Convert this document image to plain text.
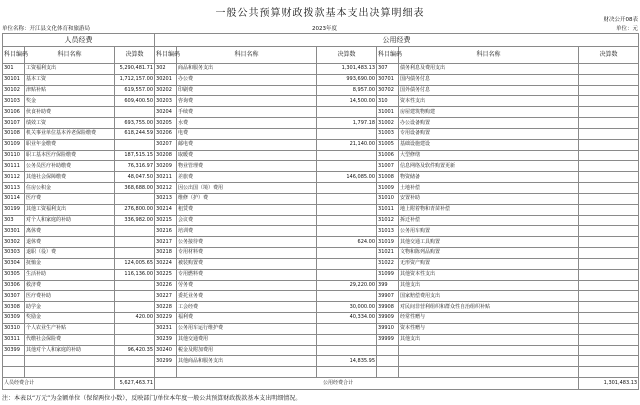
一般公共预算财政拨款基本支出决算明细表
财决公开08表
单位名称：开江县文化体育和旅游局	2023年度	单位：元
人员经费			公用经费					
科目编码	科目名称	决算数	科目编码	科目名称	决算数	科目编码	科目名称	决算数
301	工资福利支出	5,290,481.71	302	商品和服务支出	1,301,483.13	307	债务利息及费用支出	
30101	基本工资	1,712,157.00	30201	办公费	993,690.00	30701	国内债务付息	
30102	津贴补贴	619,557.00	30202	印刷费	8,957.00	30702	国外债务付息	
30103	奖金	609,400.50	30203	咨询费	14,500.00	310	资本性支出	
30106	伙食补助费		30204	手续费		31001	房屋建筑物购建	
30107	绩效工资	693,755.00	30205	水费	1,797.18	31002	办公设备购置	
30108	机关事业单位基本养老保险缴费	618,244.59	30206	电费		31003	专用设备购置	
30109	职业年金缴费		30207	邮电费	21,140.00	31005	基础设施建设	
30110	职工基本医疗保险缴费	187,515.15	30208	取暖费		31006	大型修缮	
30111	公务员医疗补助缴费	76,316.97	30209	物业管理费		31007	信息网络及软件购置更新	
30112	其他社会保障缴费	48,047.50	30211	差旅费	146,085.00	31008	物资储备	
30113	住房公积金	368,688.00	30212	因公出国（境）费用		31009	土地补偿	
30114	医疗费		30213	维修（护）费		31010	安置补助	
30199	其他工资福利支出	276,800.00	30214	租赁费		31011	地上附着物和青苗补偿	
303	对个人和家庭的补助	336,982.00	30215	会议费		31012	拆迁补偿	
30301	离休费		30216	培训费		31013	公务用车购置	
30302	退休费		30217	公务接待费	624.00	31019	其他交通工具购置	
30303	退职（役）费		30218	专用材料费		31021	文物和陈列品购置	
30304	抚恤金	124,005.65	30224	被装购置费		31022	无形资产购置	
30305	生活补助	116,136.00	30225	专用燃料费		31099	其他资本性支出	
30306	救济费		30226	劳务费	29,220.00	399	其他支出	
30307	医疗费补助		30227	委托业务费		39907	国家赔偿费用支出	
30308	助学金		30228	工会经费	30,000.00	39908	对民间非营利组织和群众性自治组织补贴	
30309	奖励金	420.00	30229	福利费	40,334.00	39909	经常性赠与	
30310	个人农业生产补贴		30231	公务用车运行维护费		39910	资本性赠与	
30311	代缴社会保险费		30239	其他交通费用		39999	其他支出	
30399	其他对个人和家庭的补助	96,420.35	30240	税金及附加费用				
			30299	其他商品和服务支出	14,835.95			

人员经费合计		5,627,463.71	公用经费合计					1,301,483.13
注：本表以“万元”为金额单位（保留两位小数），反映部门/单位本年度一般公共预算财政拨款基本支出明细情况。
